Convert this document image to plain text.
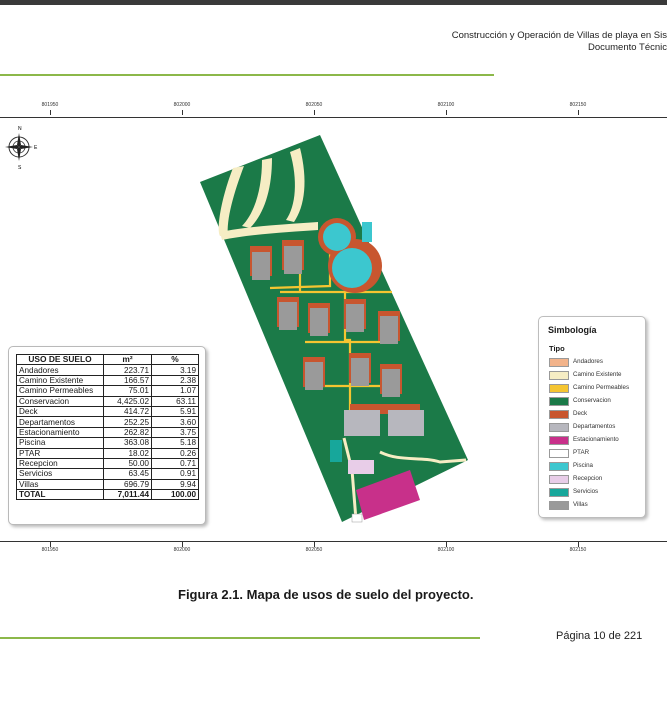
Construcción y Operación de Villas de playa en Sis
Documento Técnic
801950	802000	802050	802100	802150
801950	802000	802050	802100	802150
N
S
E
USO DE SUELO	m²	%
Andadores	223.71	3.19
Camino Existente	166.57	2.38
Camino Permeables	75.01	1.07
Conservacion	4,425.02	63.11
Deck	414.72	5.91
Departamentos	252.25	3.60
Estacionamiento	262.82	3.75
Piscina	363.08	5.18
PTAR	18.02	0.26
Recepcion	50.00	0.71
Servicios	63.45	0.91
Villas	696.79	9.94
TOTAL	7,011.44	100.00
Simbología
Tipo
Andadores
Camino Existente
Camino Permeables
Conservacion
Deck
Departamentos
Estacionamiento
PTAR
Piscina
Recepcion
Servicios
Villas
Figura 2.1. Mapa de usos de suelo del proyecto.
Página 10 de 221
